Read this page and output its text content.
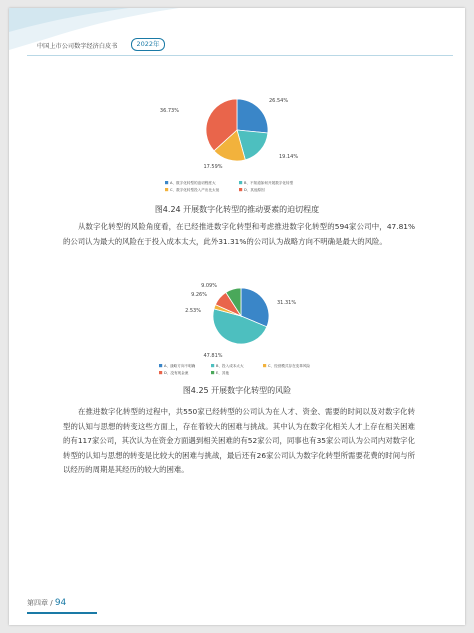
中国上市公司数字经济白皮书	2022年
26.54%
19.14%
17.59%
36.73%
A、数字化转型的迫切程度大	B、不知道如何开展数字化转型
C、数字化转型投入产出比太低	D、其他原因
图4.24 开展数字化转型的推动要素的迫切程度
从数字化转型的风险角度看，在已经推进数字化转型和考虑推进数字化转型的594家公司中，47.81%的公司认为最大的风险在于投入成本太大，此外31.31%的公司认为战略方向不明确是最大的风险。
31.31%
47.81%
2.53%
9.26%
9.09%
A、战略方向不明确	B、投入成本太大	C、经营模式存在变革风险
D、没有现金流	E、其他
图4.25 开展数字化转型的风险
在推进数字化转型的过程中，共550家已经转型的公司认为在人才、资金、需要的时间以及对数字化转型的认知与思想的转变这些方面上，存在着较大的困难与挑战。其中认为在数字化相关人才上存在相关困难的有117家公司，其次认为在资金方面遇到相关困难的有52家公司，同事也有35家公司认为公司内对数字化转型的认知与思想的转变是比较大的困难与挑战，最后还有26家公司认为数字化转型所需要花费的时间与所以经历的周期是其经历的较大的困难。
第四章 / 94
